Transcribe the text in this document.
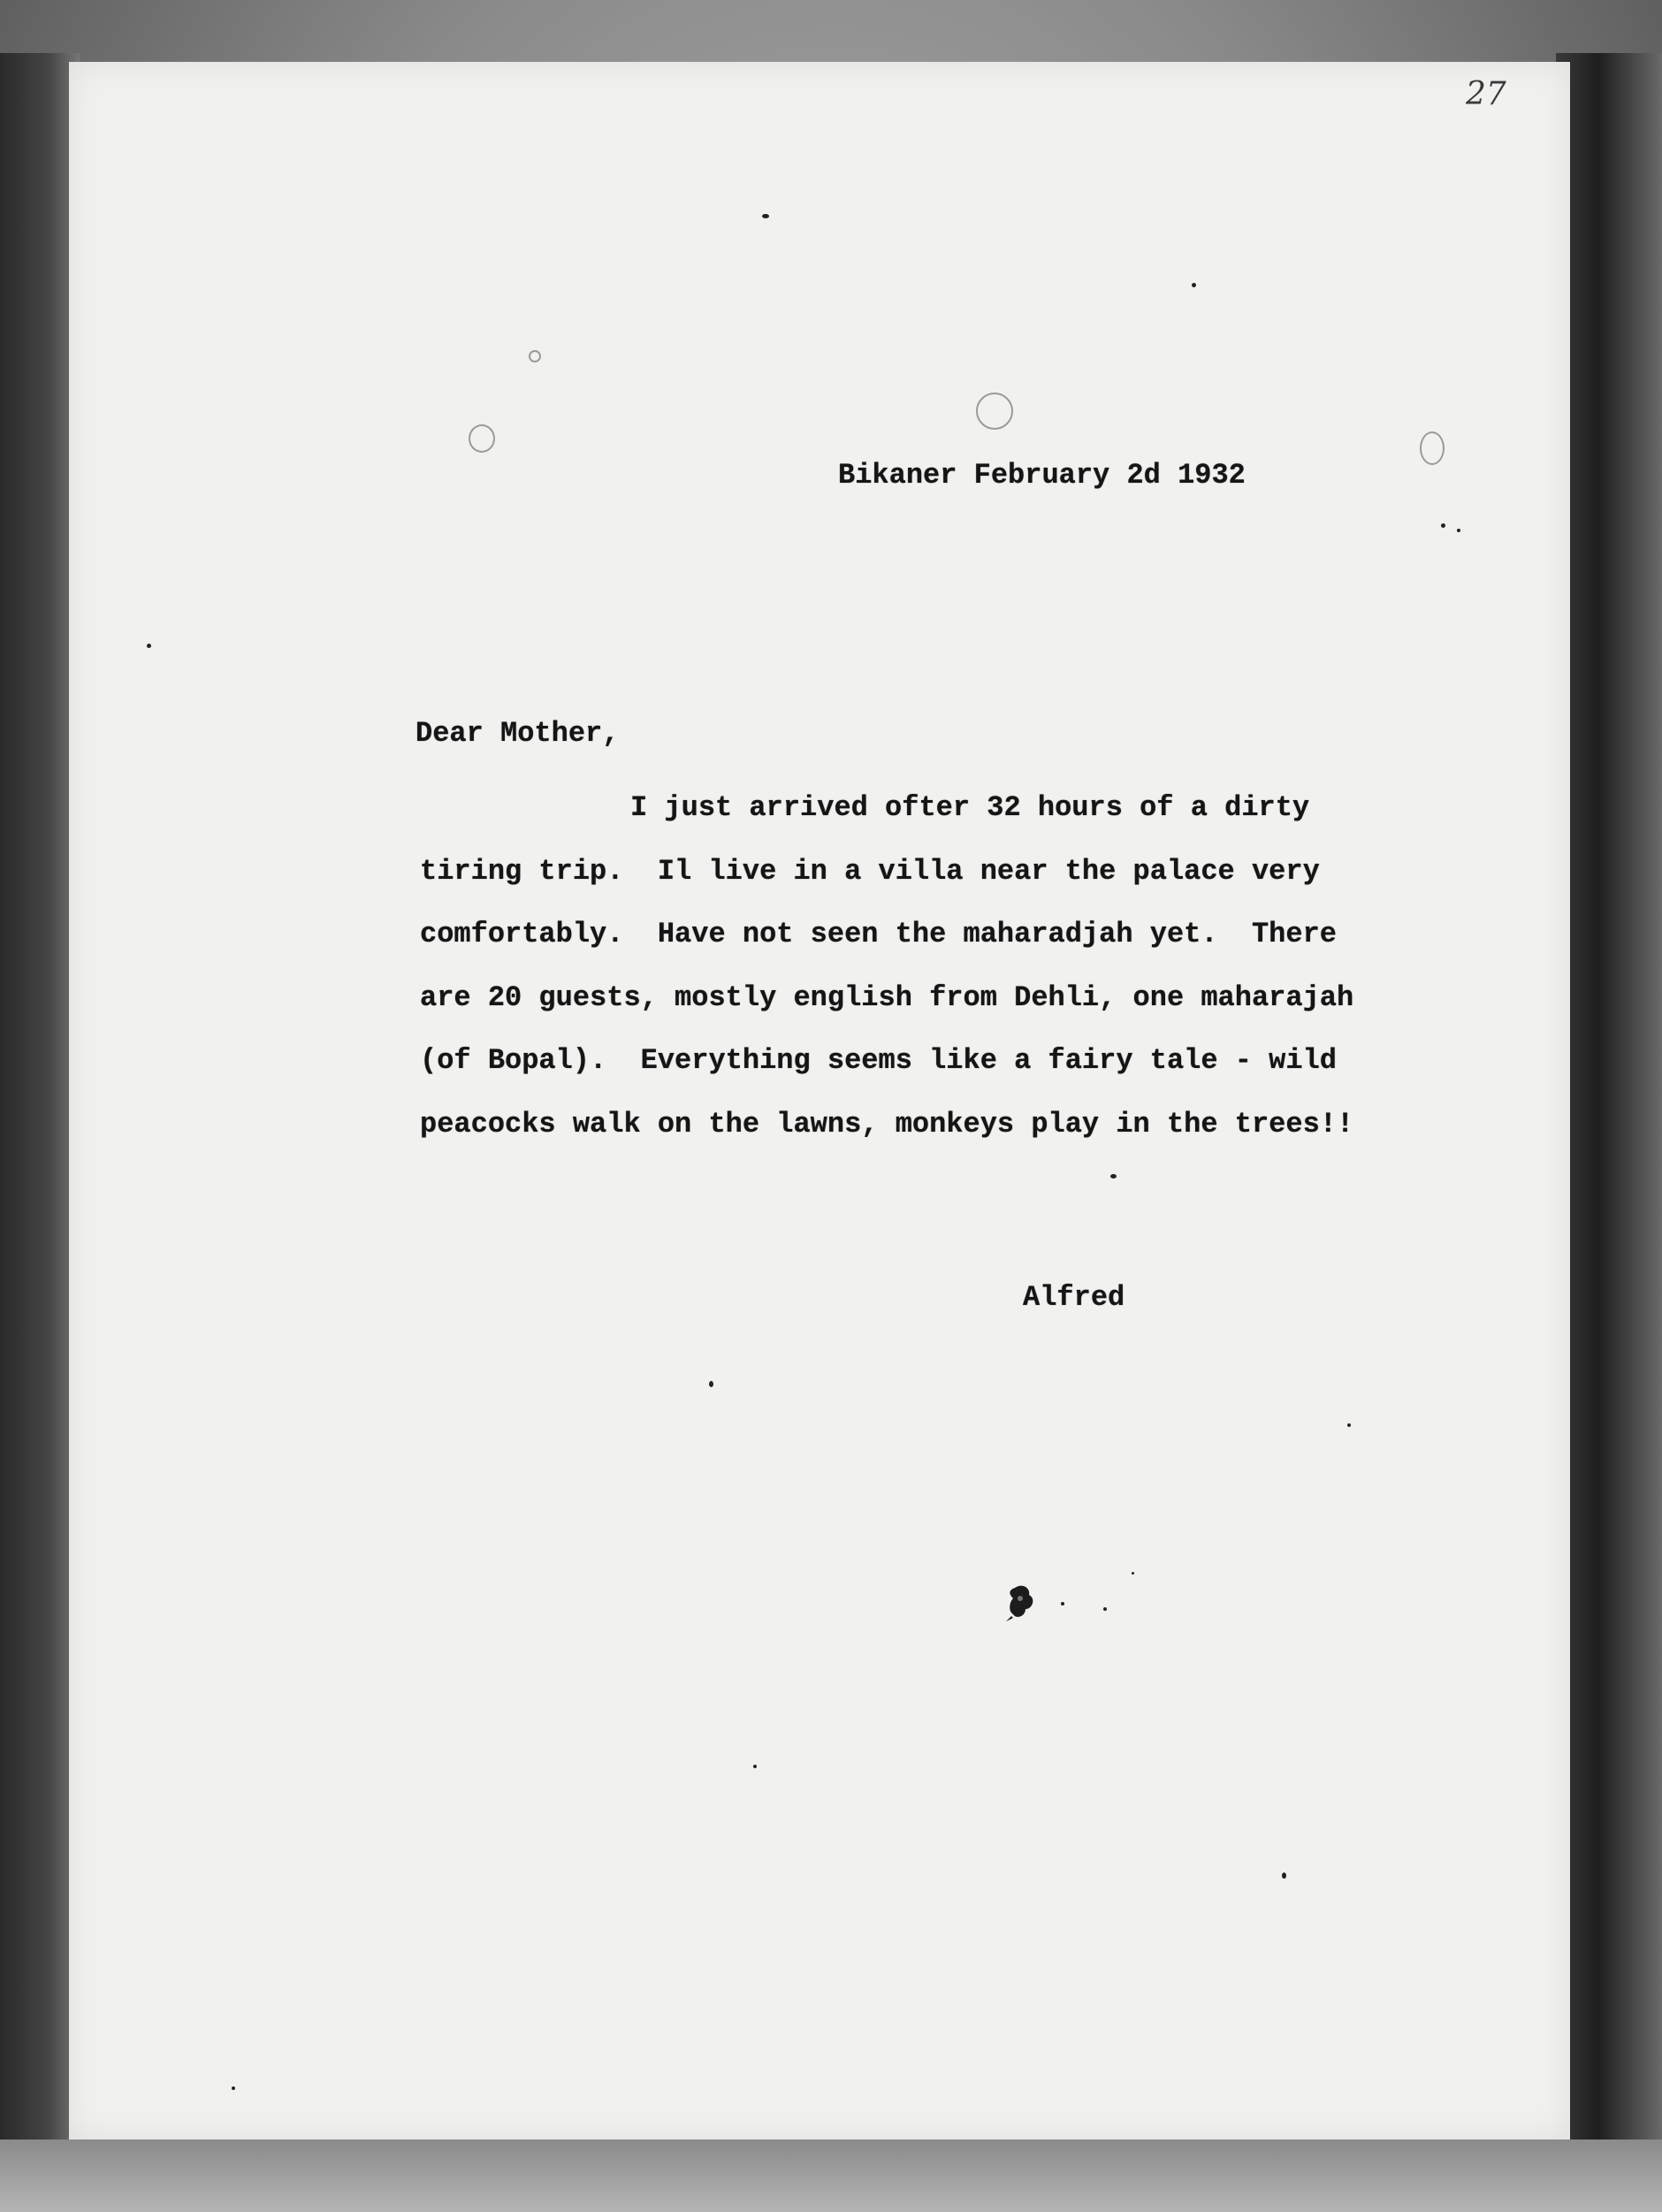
27
Bikaner February 2d 1932
Dear Mother,
I just arrived ofter 32 hours of a dirty
tiring trip.  Il live in a villa near the palace very
comfortably.  Have not seen the maharadjah yet.  There
are 20 guests, mostly english from Dehli, one maharajah
(of Bopal).  Everything seems like a fairy tale - wild
peacocks walk on the lawns, monkeys play in the trees!!
Alfred
